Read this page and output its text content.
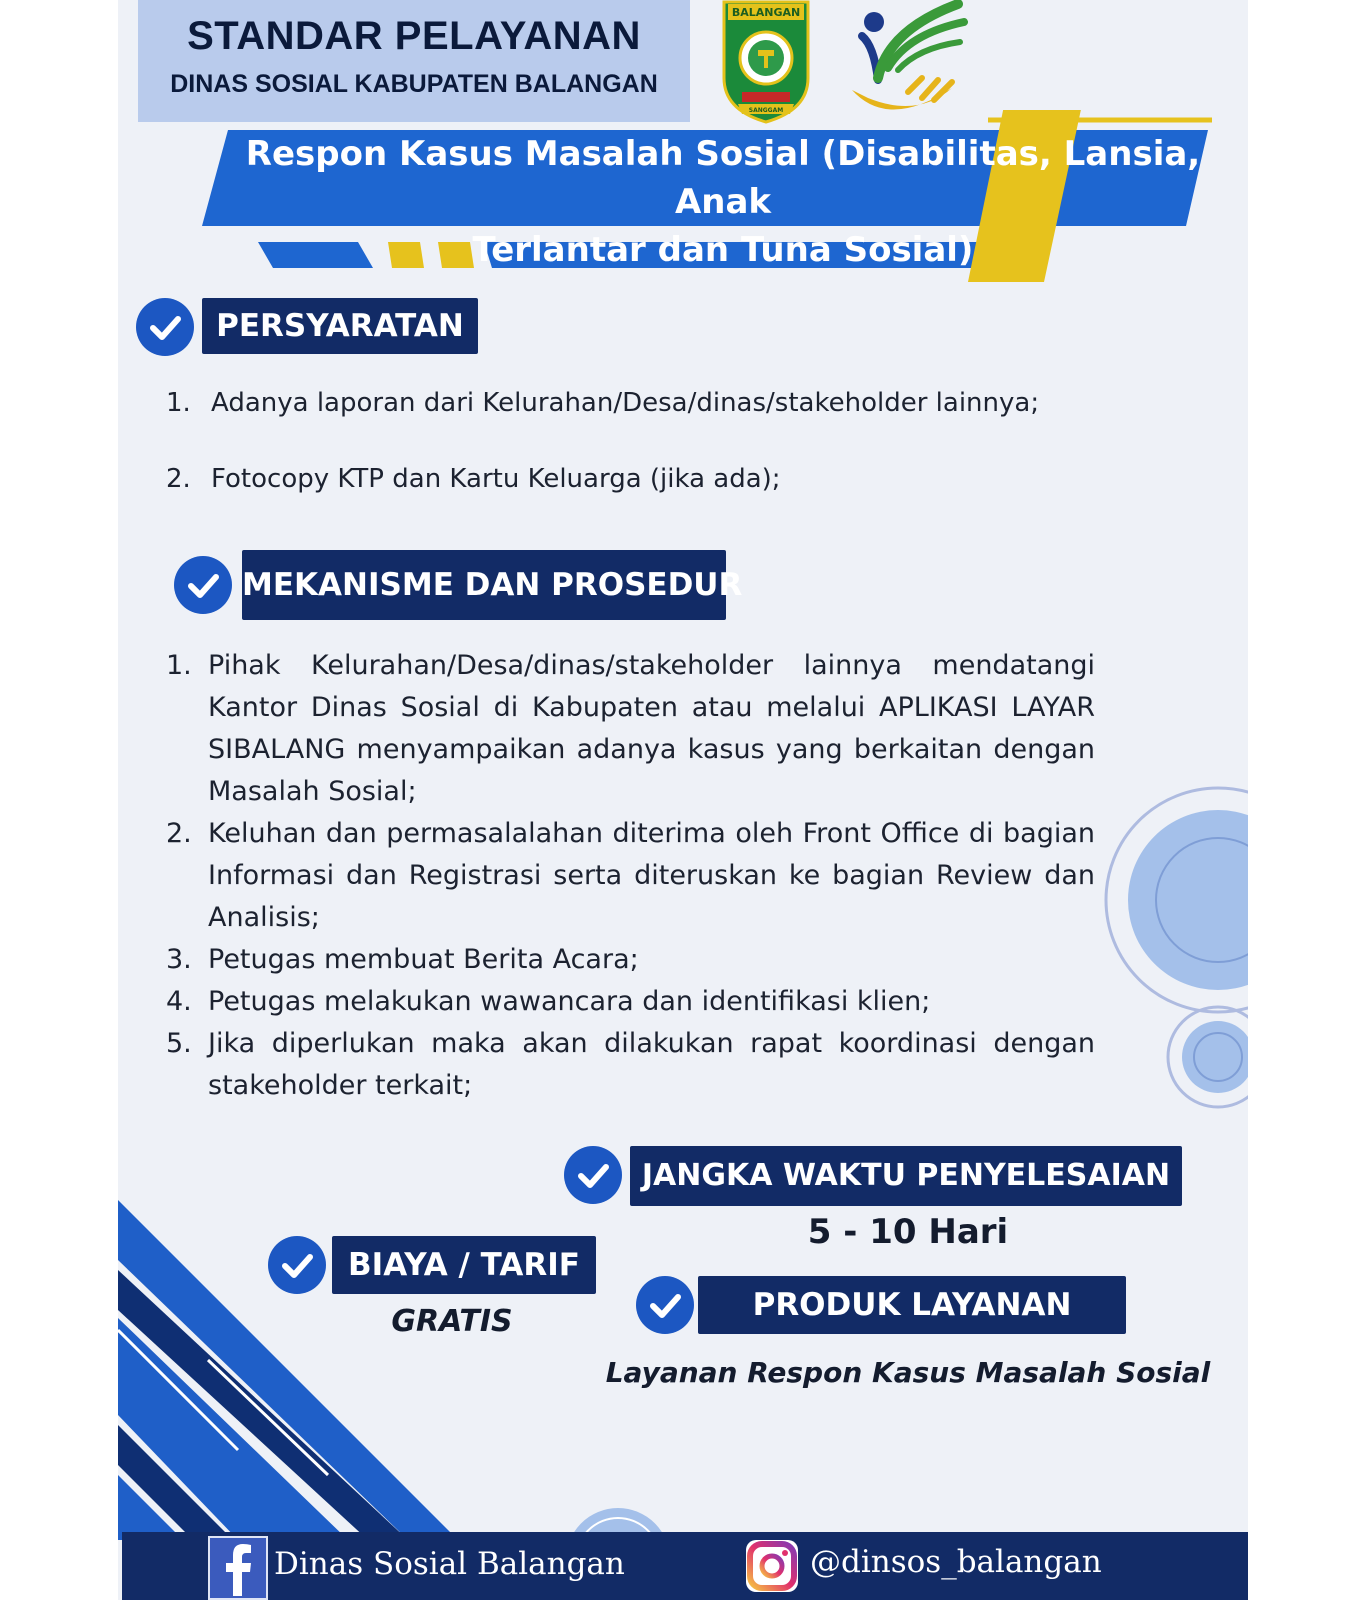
STANDAR PELAYANAN
DINAS SOSIAL KABUPATEN BALANGAN
BALANGAN
SANGGAM
Respon Kasus Masalah Sosial (Disabilitas, Lansia, Anak
Terlantar dan Tuna Sosial)
PERSYARATAN
1. Adanya laporan dari Kelurahan/Desa/dinas/stakeholder lainnya;
2. Fotocopy KTP dan Kartu Keluarga (jika ada);
MEKANISME DAN PROSEDUR
1. Pihak Kelurahan/Desa/dinas/stakeholder lainnya mendatangi Kantor Dinas Sosial di Kabupaten atau melalui APLIKASI LAYAR SIBALANG menyampaikan adanya kasus yang berkaitan dengan Masalah Sosial;
2. Keluhan dan permasalalahan diterima oleh Front Office di bagian Informasi dan Registrasi serta diteruskan ke bagian Review dan Analisis;
3. Petugas membuat Berita Acara;
4. Petugas melakukan wawancara dan identifikasi klien;
5. Jika diperlukan maka akan dilakukan rapat koordinasi dengan stakeholder terkait;
JANGKA WAKTU PENYELESAIAN
5 - 10 Hari
BIAYA / TARIF
GRATIS	PRODUK LAYANAN
Layanan Respon Kasus Masalah Sosial
Dinas Sosial Balangan	@dinsos_balangan
